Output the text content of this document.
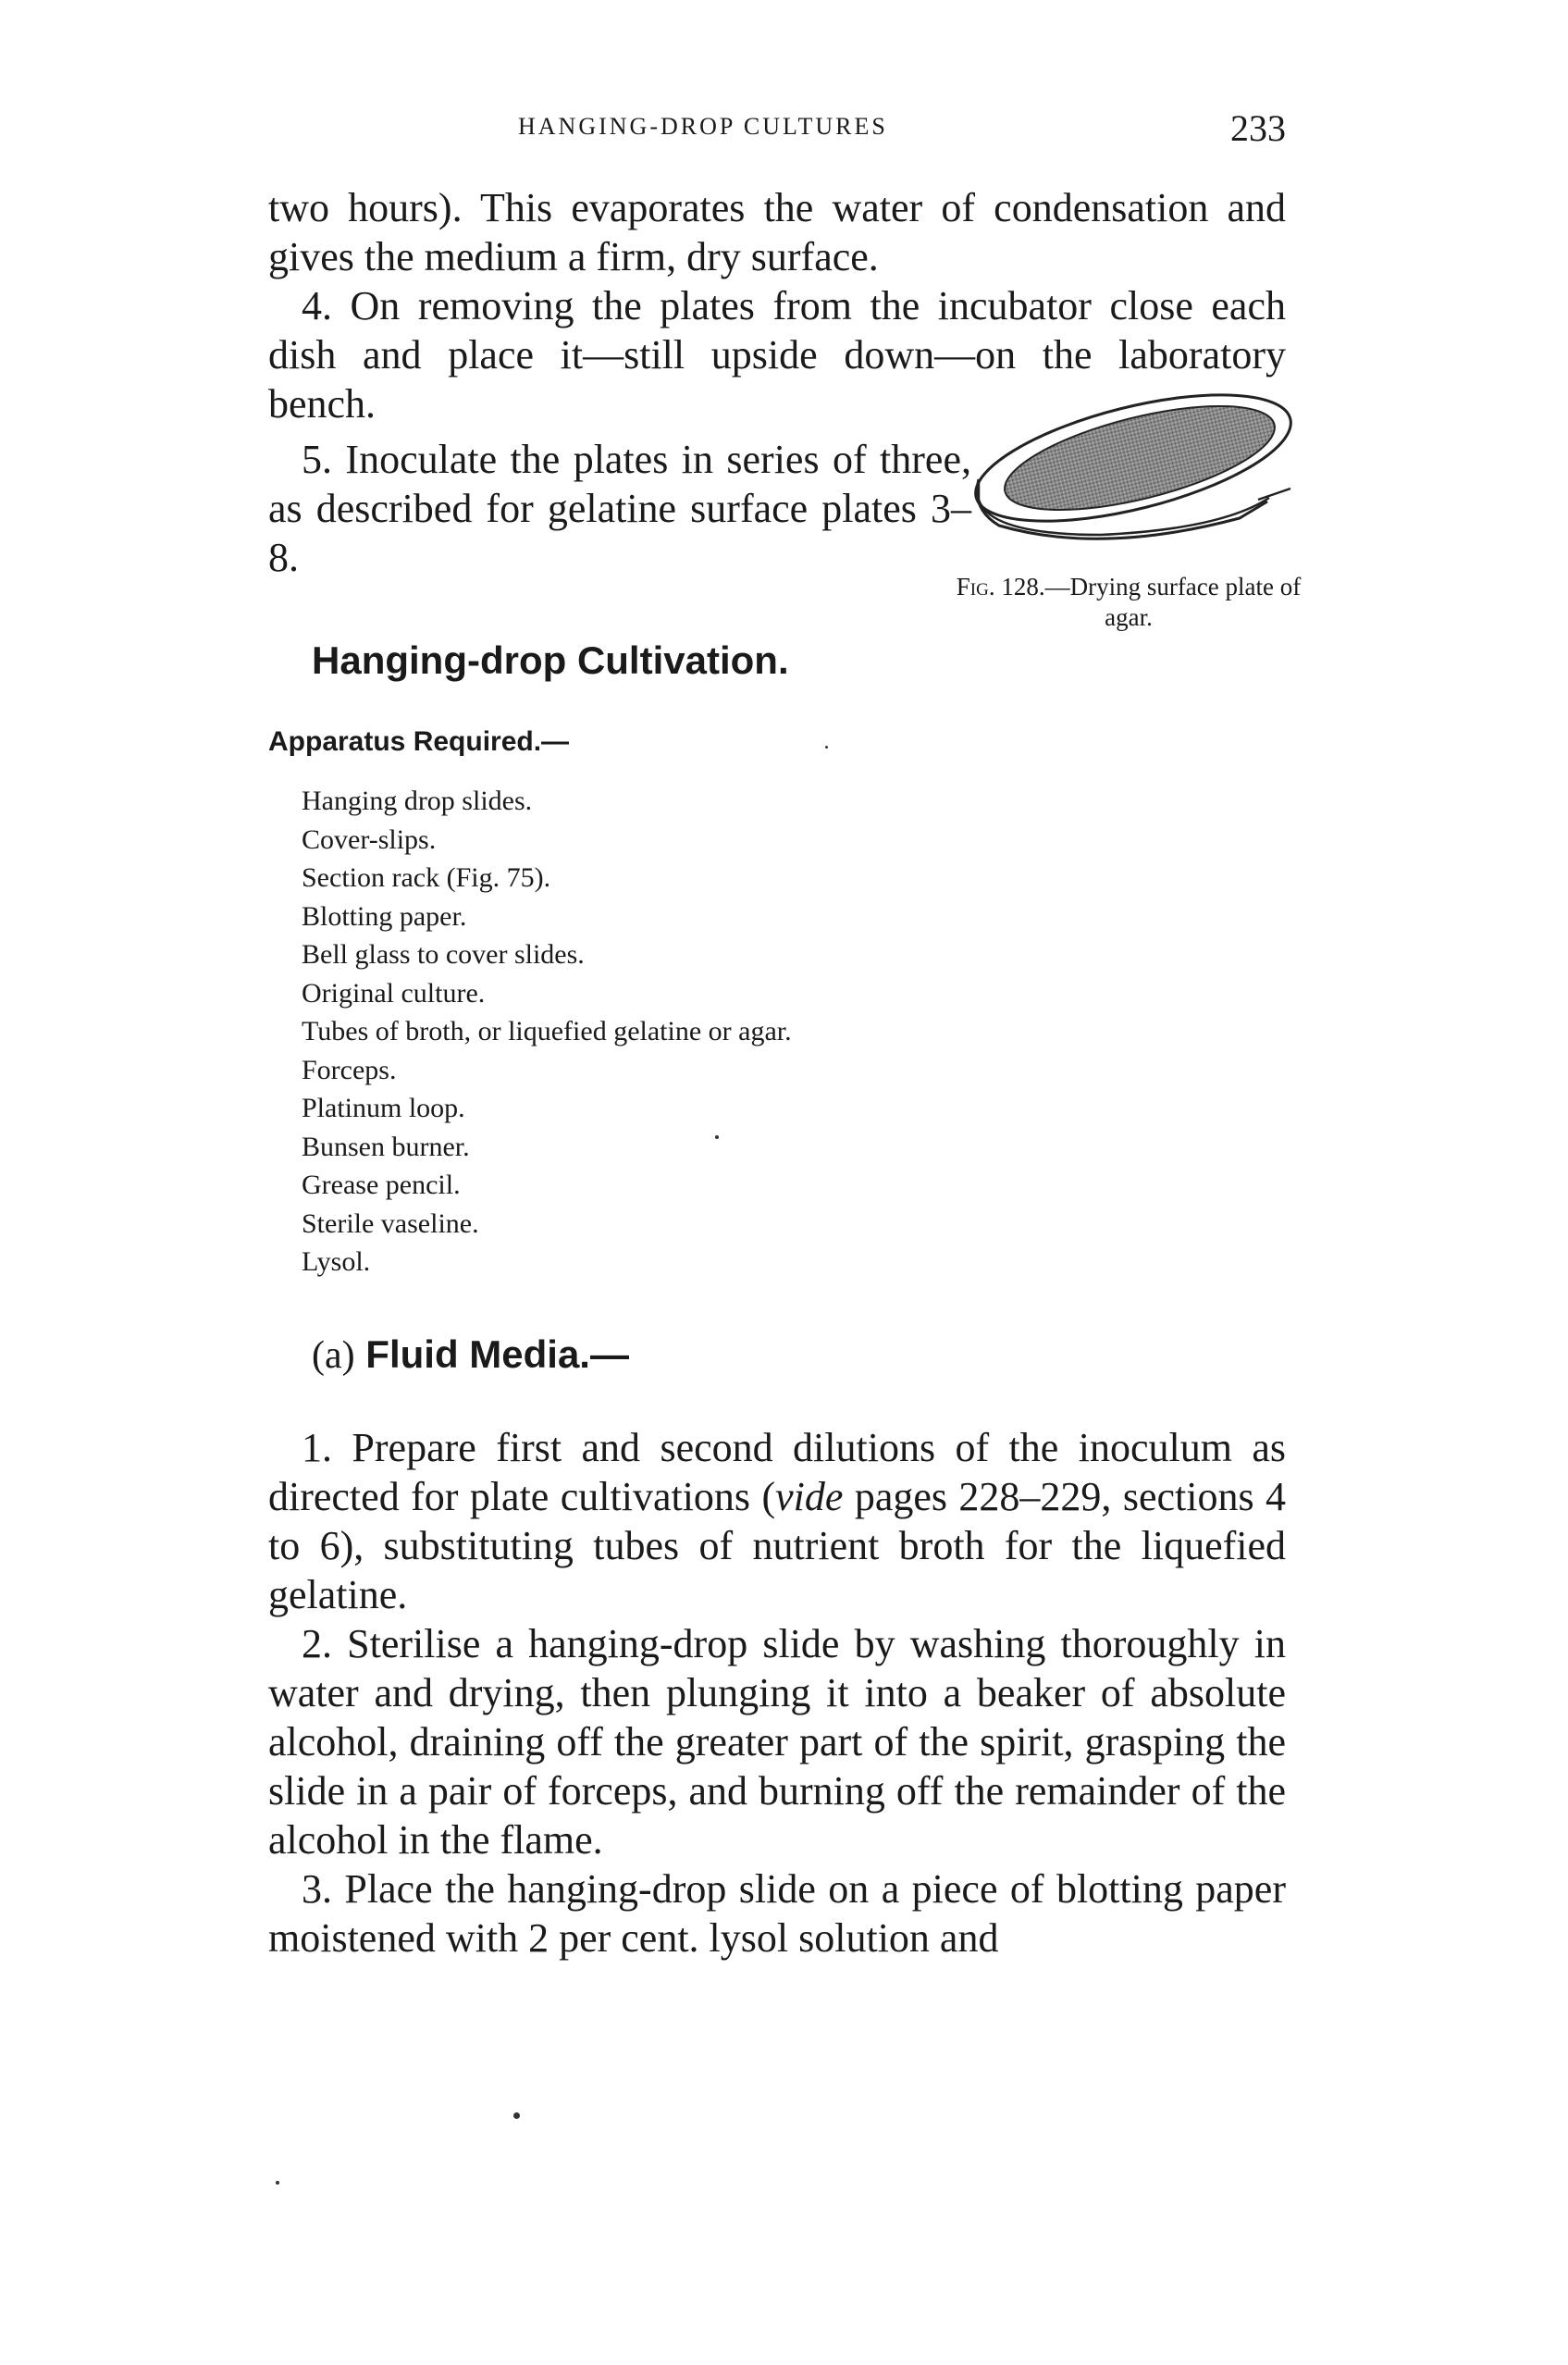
HANGING-DROP CULTURES	233

two hours). This evaporates the water of condensation and gives the medium a firm, dry surface.

4. On removing the plates from the incubator close each dish and place it—still upside down—on the laboratory bench.

5. Inoculate the plates in series of three, as described for gelatine surface plates 3–8.

Fig. 128.—Drying surface plate of agar.
Hanging-drop Cultivation.
Apparatus Required.—
Hanging drop slides.
Cover-slips.
Section rack (Fig. 75).
Blotting paper.
Bell glass to cover slides.
Original culture.
Tubes of broth, or liquefied gelatine or agar.
Forceps.
Platinum loop.
Bunsen burner.
Grease pencil.
Sterile vaseline.
Lysol.
(a) Fluid Media.—

1. Prepare first and second dilutions of the inoculum as directed for plate cultivations (vide pages 228–229, sections 4 to 6), substituting tubes of nutrient broth for the liquefied gelatine.

2. Sterilise a hanging-drop slide by washing thoroughly in water and drying, then plunging it into a beaker of absolute alcohol, draining off the greater part of the spirit, grasping the slide in a pair of forceps, and burning off the remainder of the alcohol in the flame.

3. Place the hanging-drop slide on a piece of blotting paper moistened with 2 per cent. lysol solution and
